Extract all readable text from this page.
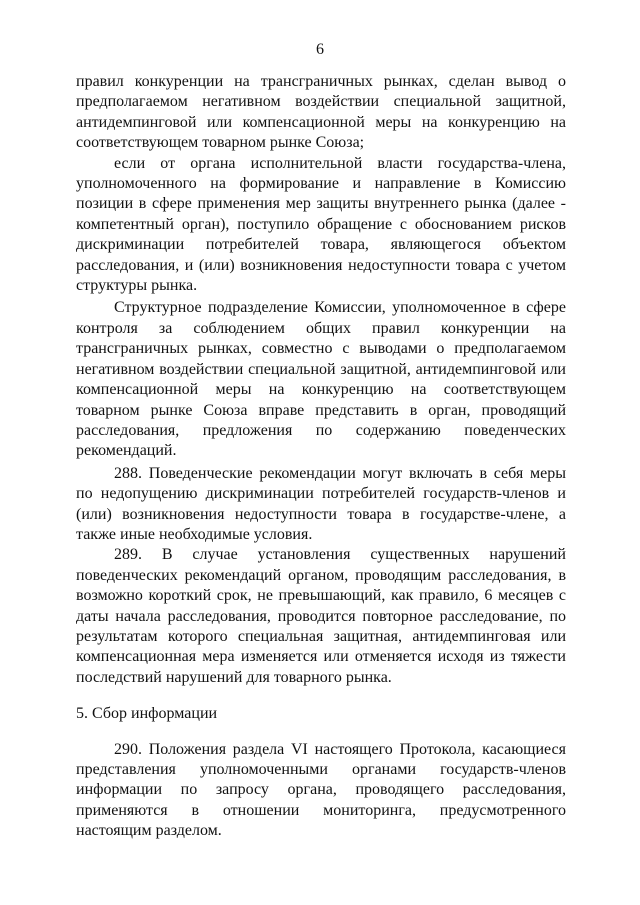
6

правил конкуренции на трансграничных рынках, сделан вывод о предполагаемом негативном воздействии специальной защитной, антидемпинговой или компенсационной меры на конкуренцию на соответствующем товарном рынке Союза;

если от органа исполнительной власти государства-члена, уполномоченного на формирование и направление в Комиссию позиции в сфере применения мер защиты внутреннего рынка (далее - компетентный орган), поступило обращение с обоснованием рисков дискриминации потребителей товара, являющегося объектом расследования, и (или) возникновения недоступности товара с учетом структуры рынка.

Структурное подразделение Комиссии, уполномоченное в сфере контроля за соблюдением общих правил конкуренции на трансграничных рынках, совместно с выводами о предполагаемом негативном воздействии специальной защитной, антидемпинговой или компенсационной меры на конкуренцию на соответствующем товарном рынке Союза вправе представить в орган, проводящий расследования, предложения по содержанию поведенческих рекомендаций.

288. Поведенческие рекомендации могут включать в себя меры по недопущению дискриминации потребителей государств-членов и (или) возникновения недоступности товара в государстве-члене, а также иные необходимые условия.

289. В случае установления существенных нарушений поведенческих рекомендаций органом, проводящим расследования, в возможно короткий срок, не превышающий, как правило, 6 месяцев с даты начала расследования, проводится повторное расследование, по результатам которого специальная защитная, антидемпинговая или компенсационная мера изменяется или отменяется исходя из тяжести последствий нарушений для товарного рынка.

5. Сбор информации

290. Положения раздела VI настоящего Протокола, касающиеся представления уполномоченными органами государств-членов информации по запросу органа, проводящего расследования, применяются в отношении мониторинга, предусмотренного настоящим разделом.
